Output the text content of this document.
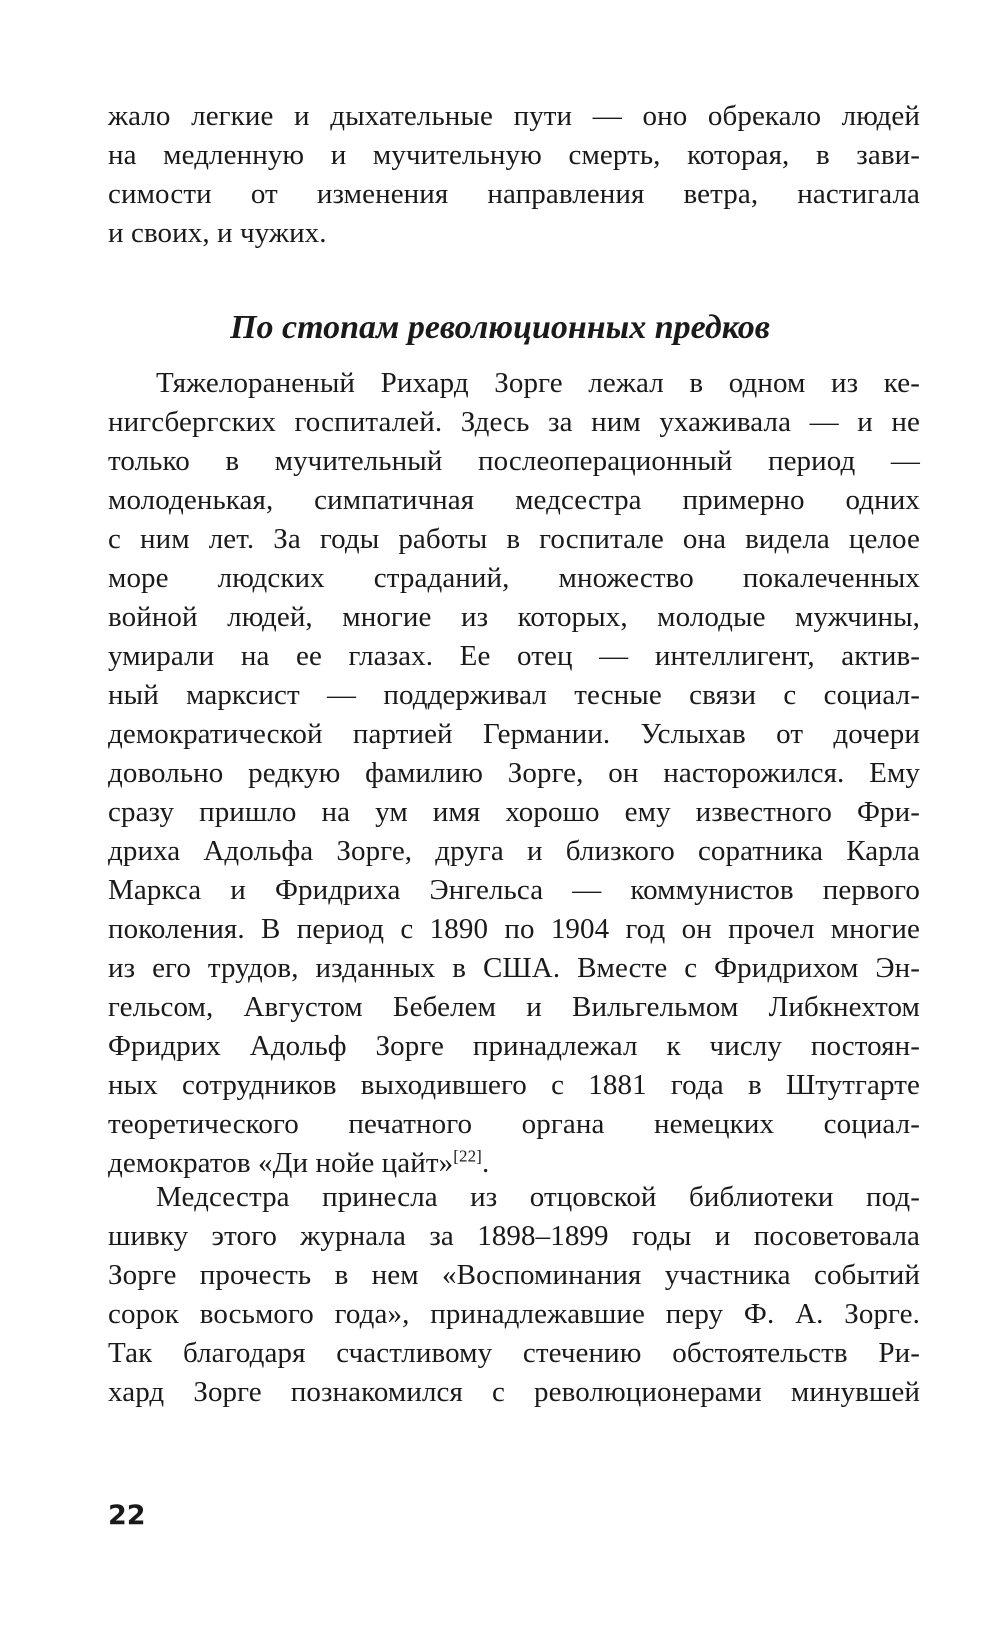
жало легкие и дыхательные пути — оно обрекало людей
на медленную и мучительную смерть, которая, в зави-
симости от изменения направления ветра, настигала
и своих, и чужих.
По стопам революционных предков
Тяжелораненый Рихард Зорге лежал в одном из ке-
нигсбергских госпиталей. Здесь за ним ухаживала — и не
только в мучительный послеоперационный период —
молоденькая, симпатичная медсестра примерно одних
с ним лет. За годы работы в госпитале она видела целое
море людских страданий, множество покалеченных
войной людей, многие из которых, молодые мужчины,
умирали на ее глазах. Ее отец — интеллигент, актив-
ный марксист — поддерживал тесные связи с социал-
демократической партией Германии. Услыхав от дочери
довольно редкую фамилию Зорге, он насторожился. Ему
сразу пришло на ум имя хорошо ему известного Фри-
дриха Адольфа Зорге, друга и близкого соратника Карла
Маркса и Фридриха Энгельса — коммунистов первого
поколения. В период с 1890 по 1904 год он прочел многие
из его трудов, изданных в США. Вместе с Фридрихом Эн-
гельсом, Августом Бебелем и Вильгельмом Либкнехтом
Фридрих Адольф Зорге принадлежал к числу постоян-
ных сотрудников выходившего с 1881 года в Штутгарте
теоретического печатного органа немецких социал-
демократов «Ди нойе цайт»[22].
Медсестра принесла из отцовской библиотеки под-
шивку этого журнала за 1898–1899 годы и посоветовала
Зорге прочесть в нем «Воспоминания участника событий
сорок восьмого года», принадлежавшие перу Ф. А. Зорге.
Так благодаря счастливому стечению обстоятельств Ри-
хард Зорге познакомился с революционерами минувшей
22
